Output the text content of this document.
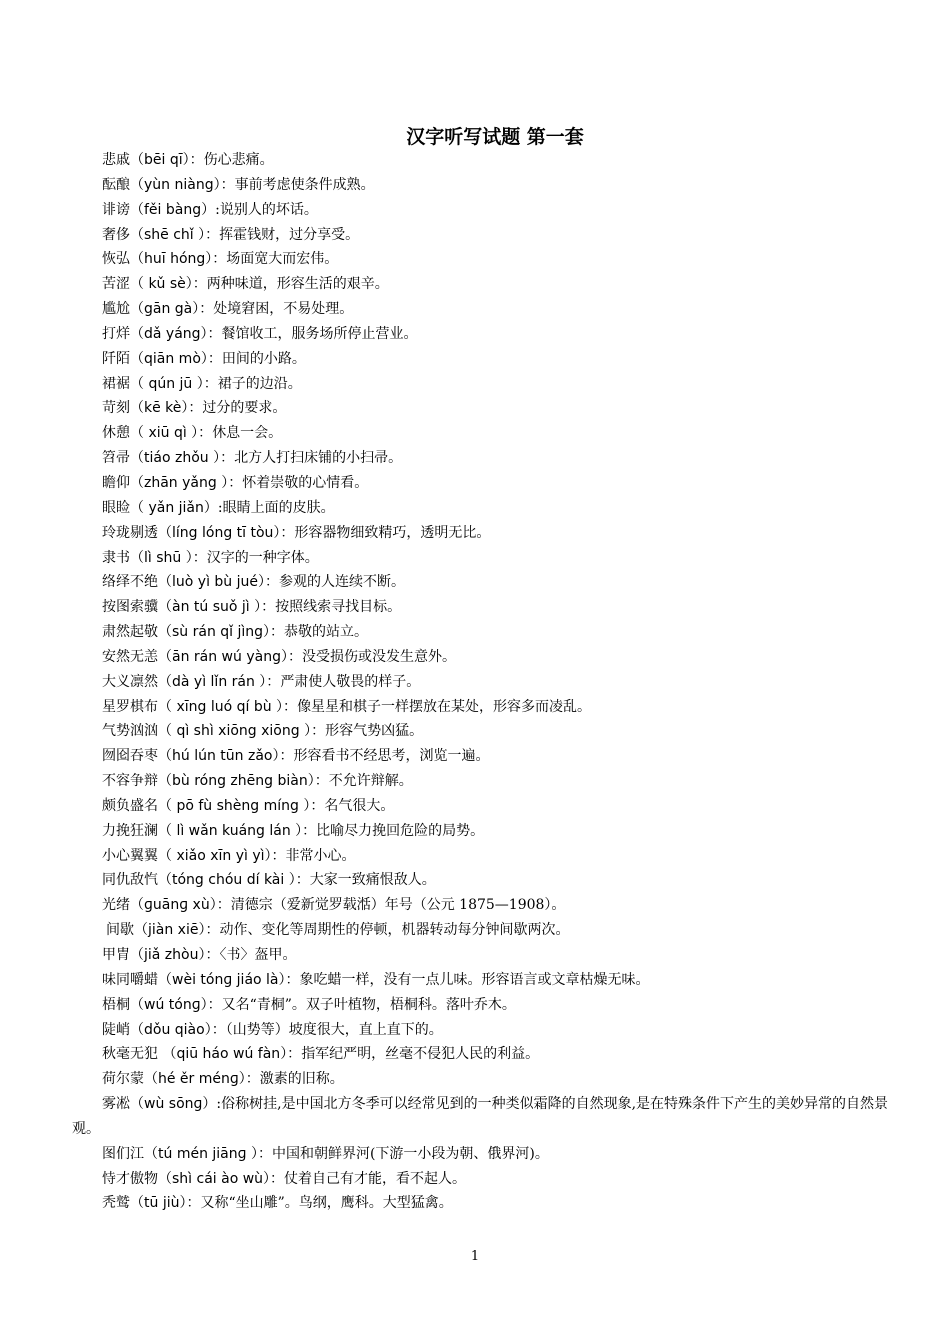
汉字听写试题 第一套

悲戚（bēi qī）：伤心悲痛。

酝酿（yùn niàng）：事前考虑使条件成熟。

诽谤（fěi bàng）:说别人的坏话。

奢侈（shē chǐ ）：挥霍钱财，过分享受。

恢弘（huī hóng）：场面宽大而宏伟。

苦涩（ kǔ sè）：两种味道，形容生活的艰辛。

尴尬（gān gà）：处境窘困，不易处理。

打烊（dǎ yáng）：餐馆收工，服务场所停止营业。

阡陌（qiān mò）：田间的小路。

裙裾（ qún jū ）：裙子的边沿。

苛刻（kē kè）：过分的要求。

休憩（ xiū qì ）：休息一会。

笤帚（tiáo zhǒu ）：北方人打扫床铺的小扫帚。

瞻仰（zhān yǎng ）：怀着崇敬的心情看。

眼睑（ yǎn jiǎn）:眼睛上面的皮肤。

玲珑剔透（líng lóng tī tòu）：形容器物细致精巧，透明无比。

隶书（lì shū ）：汉字的一种字体。

络绎不绝（luò yì bù jué）：参观的人连续不断。

按图索骥（àn tú suǒ jì ）：按照线索寻找目标。

肃然起敬（sù rán qǐ jìng）：恭敬的站立。

安然无恙（ān rán wú yàng）：没受损伤或没发生意外。

大义凛然（dà yì lǐn rán ）：严肃使人敬畏的样子。

星罗棋布（ xīng luó qí bù ）：像星星和棋子一样摆放在某处，形容多而凌乱。

气势汹汹（ qì shì xiōng xiōng ）：形容气势凶猛。

囫囵吞枣（hú lún tūn zǎo）：形容看书不经思考，浏览一遍。

不容争辩（bù róng zhēng biàn）：不允许辩解。

颇负盛名（ pō fù shèng míng ）：名气很大。

力挽狂澜（ lì wǎn kuáng lán ）：比喻尽力挽回危险的局势。

小心翼翼（ xiǎo xīn yì yì）：非常小心。

同仇敌忾（tóng chóu dí kài ）：大家一致痛恨敌人。

光绪（ɡuānɡ xù）：清德宗（爱新觉罗载湉）年号（公元 1875—1908）。

间歇（jiàn xiē）：动作、变化等周期性的停顿，机器转动每分钟间歇两次。

甲胄（jiǎ zhòu）：〈书〉盔甲。

味同嚼蜡（wèi tónɡ jiáo là）：象吃蜡一样，没有一点儿味。形容语言或文章枯燥无味。

梧桐（wú tónɡ）：又名“青桐”。双子叶植物，梧桐科。落叶乔木。

陡峭（dǒu qiào）：（山势等）坡度很大，直上直下的。

秋毫无犯 （qiū háo wú fàn）：指军纪严明，丝毫不侵犯人民的利益。

荷尔蒙（hé ěr ménɡ）：激素的旧称。

雾凇（wù sōnɡ）:俗称树挂,是中国北方冬季可以经常见到的一种类似霜降的自然现象,是在特殊条件下产生的美妙异常的自然景观。

图们江（tú mén jiānɡ ）：中国和朝鲜界河(下游一小段为朝、俄界河)。

恃才傲物（shì cái ào wù）：仗着自己有才能，看不起人。

秃鹫（tū jiù）：又称“坐山雕”。鸟纲，鹰科。大型猛禽。

1
